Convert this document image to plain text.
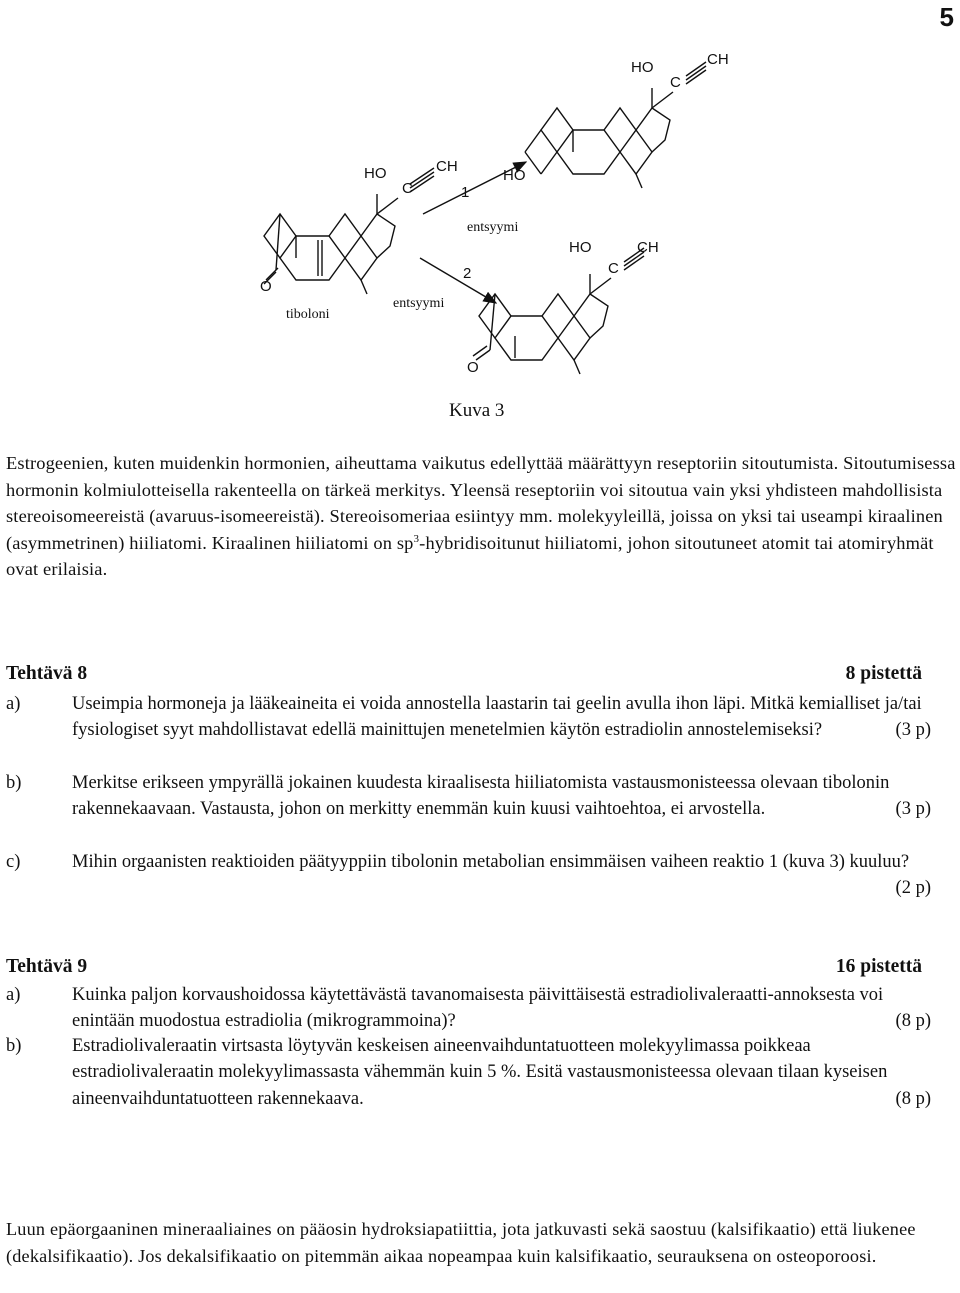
5
HO
C
CH
O
tiboloni
1
entsyymi
2
entsyymi
HO
C
CH
HO
HO
C
CH
O
Kuva 3

Estrogeenien, kuten muidenkin hormonien, aiheuttama vaikutus edellyttää määrättyyn reseptoriin sitoutumista. Sitoutumisessa hormonin kolmiulotteisella rakenteella on tärkeä merkitys. Yleensä reseptoriin voi sitoutua vain yksi yhdisteen mahdollisista stereoisomeereistä (avaruus-isomeereistä). Stereoisomeriaa esiintyy mm. molekyyleillä, joissa on yksi tai useampi kiraalinen (asymmetrinen) hiiliatomi. Kiraalinen hiiliatomi on $sp^3$-hybridisoitunut hiiliatomi, johon sitoutuneet atomit tai atomiryhmät ovat erilaisia.

Tehtävä 8	8 pistettä
a)	Useimpia hormoneja ja lääkeaineita ei voida annostella laastarin tai geelin avulla ihon läpi. Mitkä kemialliset ja/tai fysiologiset syyt mahdollistavat edellä mainittujen menetelmien käytön estradiolin annostelemiseksi?	(3 p)
b)	Merkitse erikseen ympyrällä jokainen kuudesta kiraalisesta hiiliatomista vastausmonisteessa olevaan tibolonin rakennekaavaan. Vastausta, johon on merkitty enemmän kuin kuusi vaihtoehtoa, ei arvostella.	(3 p)
c)	Mihin orgaanisten reaktioiden päätyyppiin tibolonin metabolian ensimmäisen vaiheen reaktio 1 (kuva 3) kuuluu?
(2 p)
Tehtävä 9	16 pistettä
a)	Kuinka paljon korvaushoidossa käytettävästä tavanomaisesta päivittäisestä estradiolivaleraatti-annoksesta voi enintään muodostua estradiolia (mikrogrammoina)?	(8 p)
b)	Estradiolivaleraatin virtsasta löytyvän keskeisen aineenvaihduntatuotteen molekyylimassa poikkeaa estradiolivaleraatin molekyylimassasta vähemmän kuin 5 %. Esitä vastausmonisteessa olevaan tilaan kyseisen aineenvaihduntatuotteen rakennekaava.	(8 p)
Luun epäorgaaninen mineraaliaines on pääosin hydroksiapatiittia, jota jatkuvasti sekä saostuu (kalsifikaatio) että liukenee (dekalsifikaatio). Jos dekalsifikaatio on pitemmän aikaa nopeampaa kuin kalsifikaatio, seurauksena on osteoporoosi.
